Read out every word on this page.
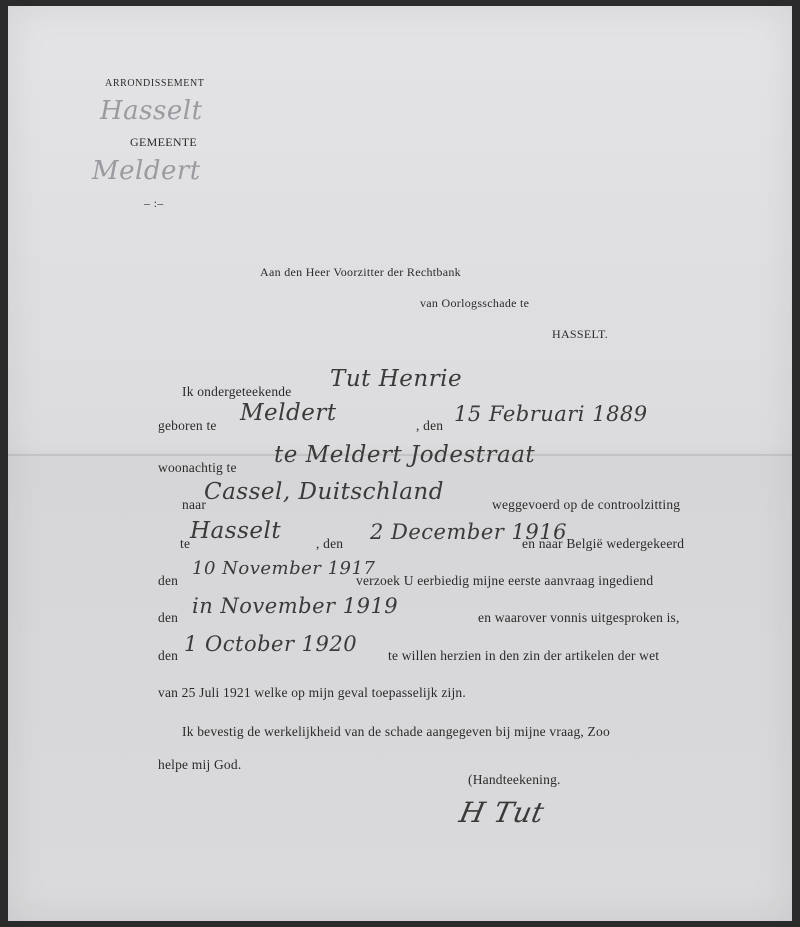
ARRONDISSEMENT
Hasselt
GEMEENTE
Meldert
– :–
Aan den Heer Voorzitter der Rechtbank
van Oorlogsschade te
HASSELT.
Ik ondergeteekende Tut Henrie
geboren te Meldert	, den 15 Februari 1889
woonachtig te te Meldert Jodestraat
naar
Cassel, Duitschland	weggevoerd op de controolzitting
te Hasselt	, den 2 December 1916
en naar België wedergekeerd
den
10 November 1917
verzoek U eerbiedig mijne eerste aanvraag ingediend
den in November 1919	en waarover vonnis uitgesproken is,
den 1 October 1920 te willen herzien in den zin der artikelen der wet
van 25 Juli 1921 welke op mijn geval toepasselijk zijn.
Ik bevestig de werkelijkheid van de schade aangegeven bij mijne vraag, Zoo
helpe mij God.
(Handteekening.
H Tut
